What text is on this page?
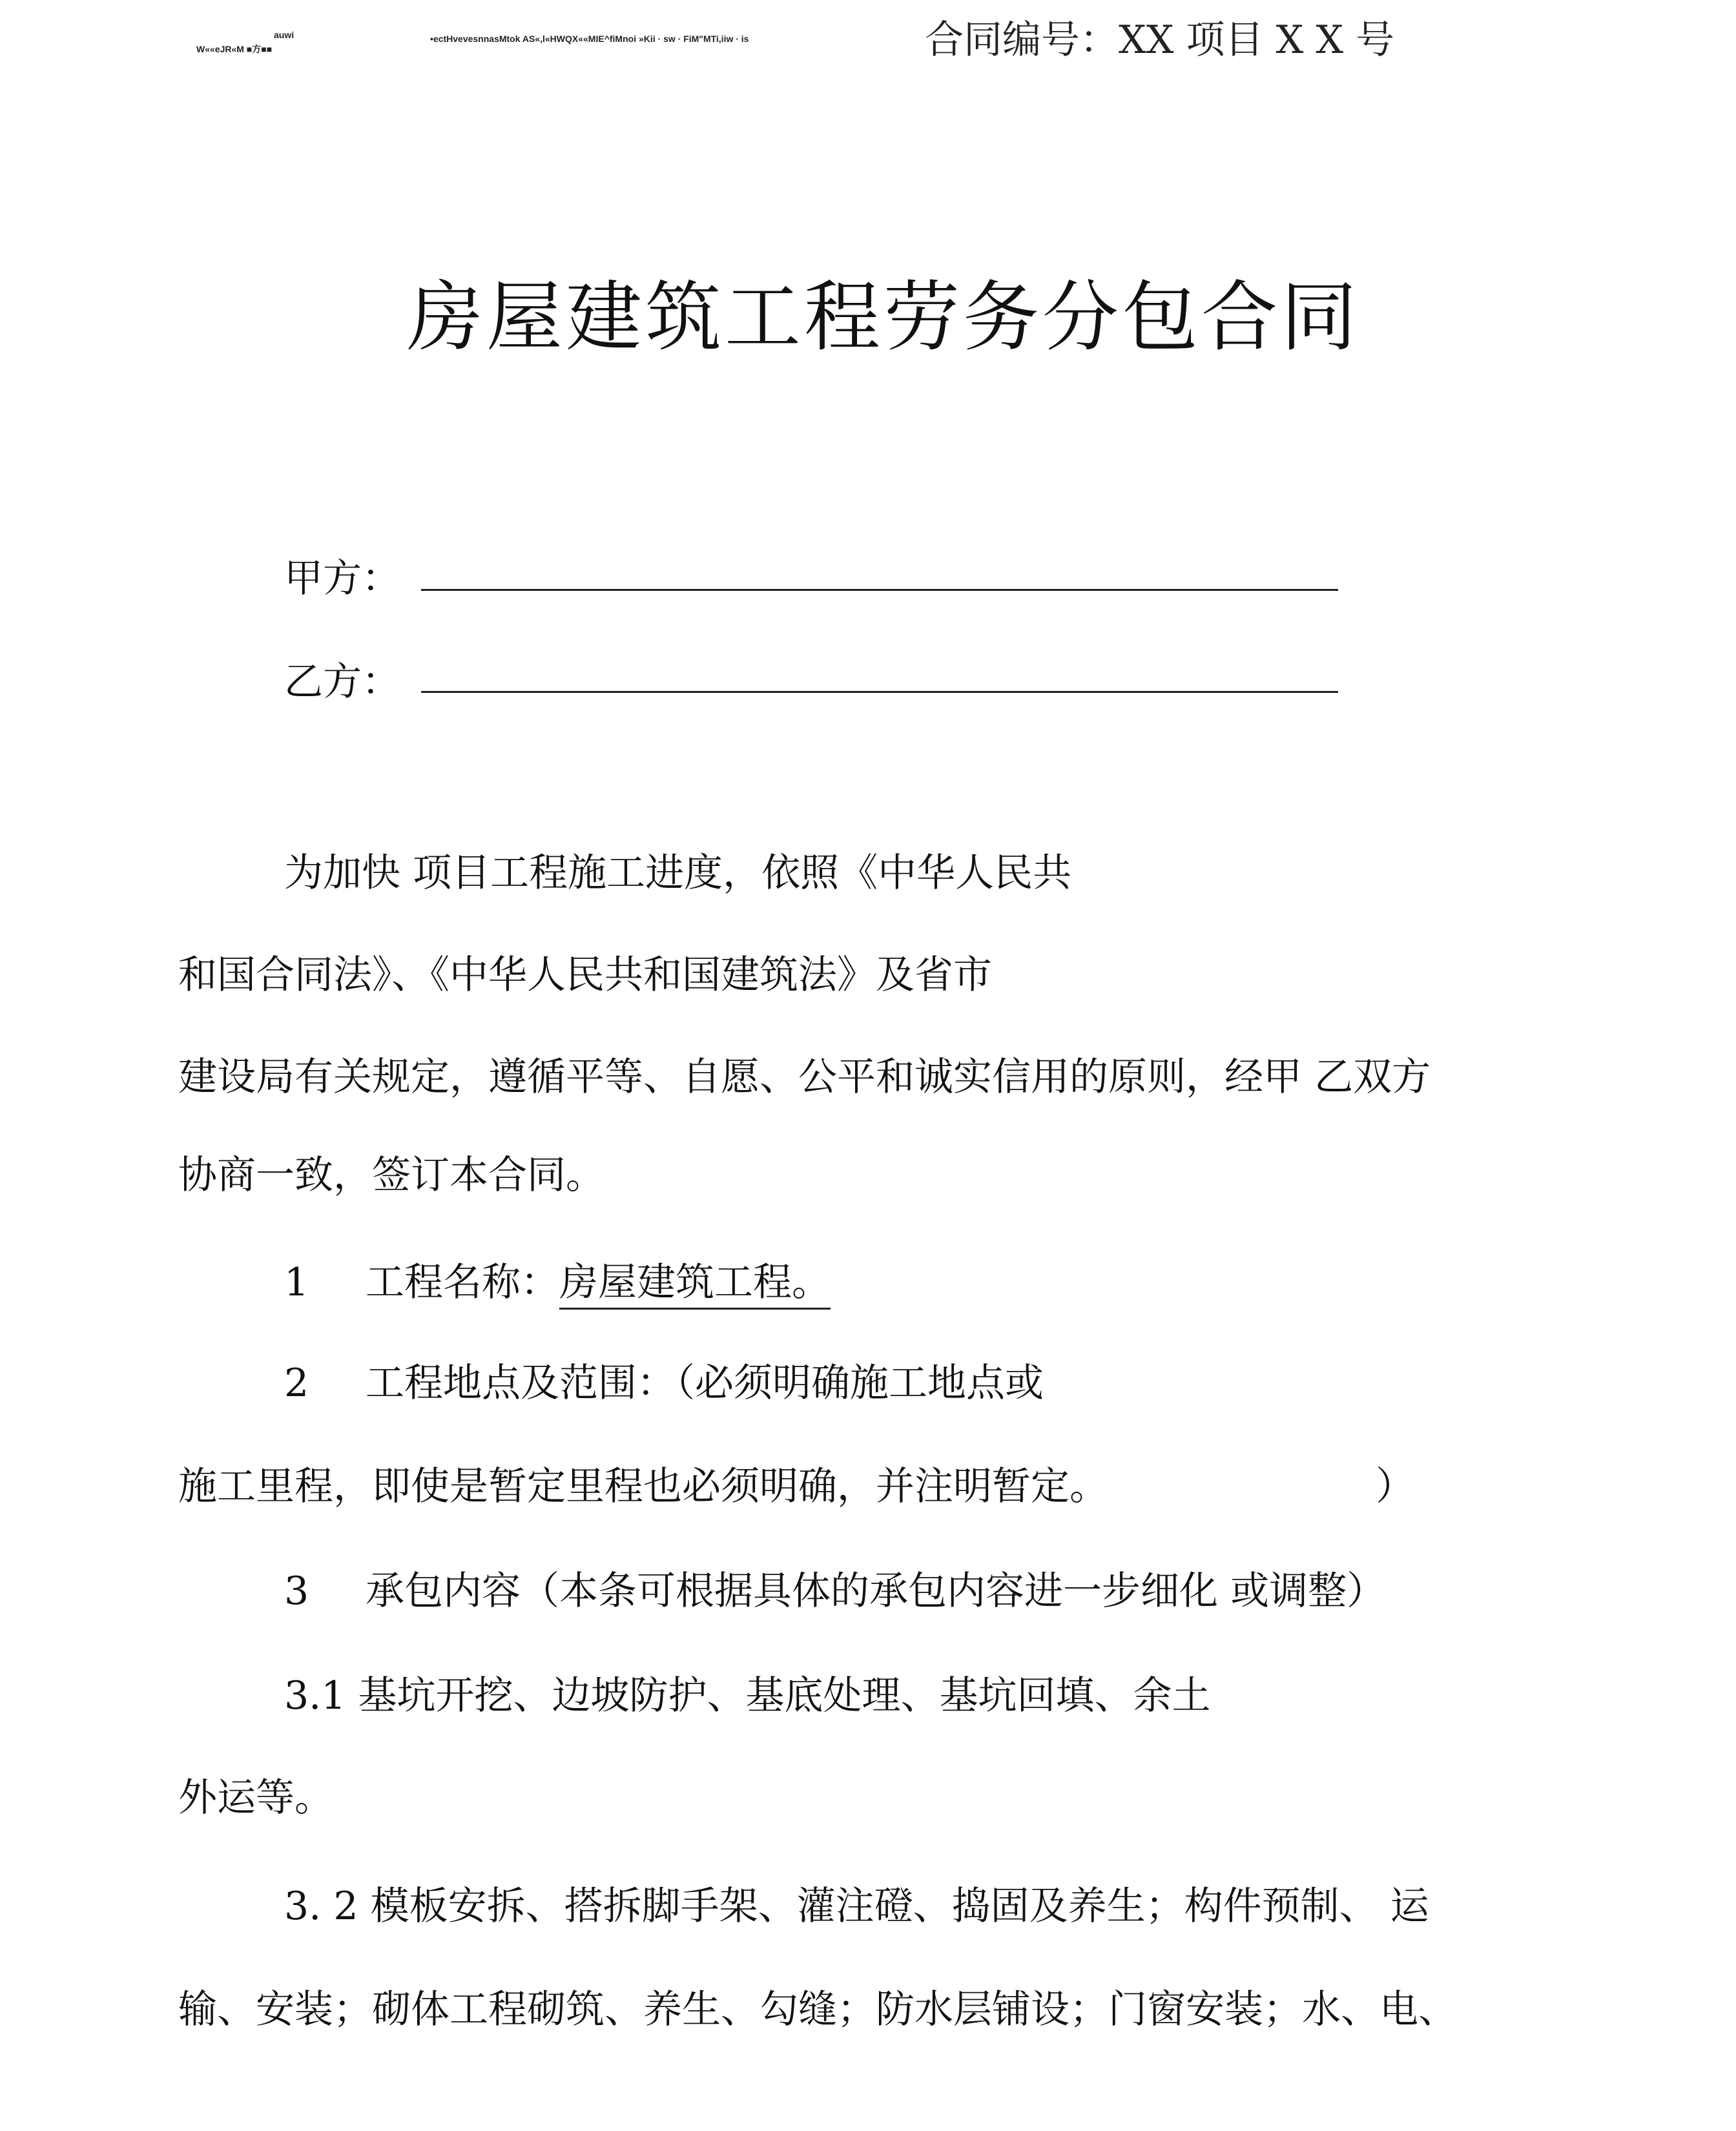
auwi
W««eJR«M ■方■■
•ectHvevesnnasMtok AS«,l«HWQX««MIE^fiMnoi »Kii · sw · FiM"MTi,iiw · is	合同编号：XX 项目 X X 号
房屋建筑工程劳务分包合同
甲方：
乙方：
为加快 项目工程施工进度，依照《中华人民共
和国合同法》、《中华人民共和国建筑法》及省市
建设局有关规定，遵循平等、自愿、公平和诚实信用的原则，经甲 乙双方
协商一致，签订本合同。
1 工程名称：房屋建筑工程。
2 工程地点及范围：（必须明确施工地点或
施工里程，即使是暂定里程也必须明确，并注明暂定。	）
3 承包内容（本条可根据具体的承包内容进一步细化 或调整）
3.1 基坑开挖、边坡防护、基底处理、基坑回填、余土
外运等。
3. 2 模板安拆、搭拆脚手架、灌注磴、捣固及养生；构件预制、 运
输、安装；砌体工程砌筑、养生、勾缝；防水层铺设；门窗安装；水、电、
